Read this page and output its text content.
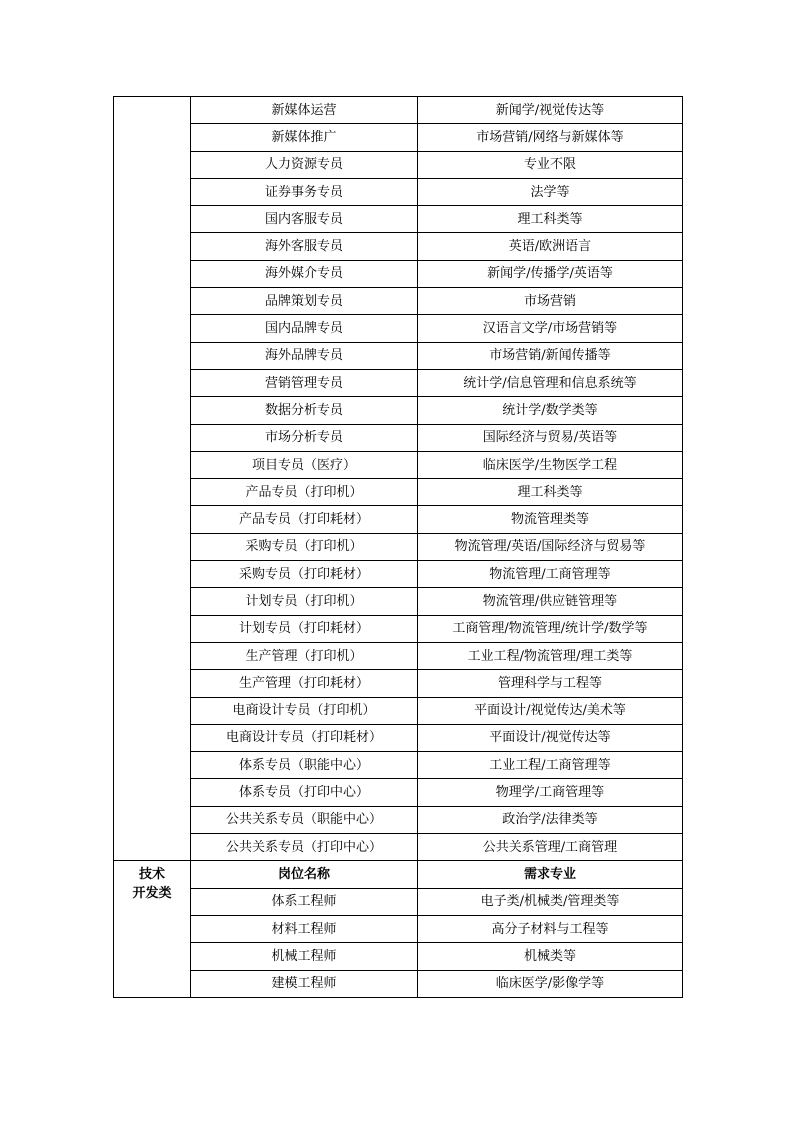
	新媒体运营	新闻学/视觉传达等
	新媒体推广	市场营销/网络与新媒体等
	人力资源专员	专业不限
	证券事务专员	法学等
	国内客服专员	理工科类等
	海外客服专员	英语/欧洲语言
	海外媒介专员	新闻学/传播学/英语等
	品牌策划专员	市场营销
	国内品牌专员	汉语言文学/市场营销等
	海外品牌专员	市场营销/新闻传播等
	营销管理专员	统计学/信息管理和信息系统等
	数据分析专员	统计学/数学类等
	市场分析专员	国际经济与贸易/英语等
	项目专员（医疗）	临床医学/生物医学工程
	产品专员（打印机）	理工科类等
	产品专员（打印耗材）	物流管理类等
	采购专员（打印机）	物流管理/英语/国际经济与贸易等
	采购专员（打印耗材）	物流管理/工商管理等
	计划专员（打印机）	物流管理/供应链管理等
	计划专员（打印耗材）	工商管理/物流管理/统计学/数学等
	生产管理（打印机）	工业工程/物流管理/理工类等
	生产管理（打印耗材）	管理科学与工程等
	电商设计专员（打印机）	平面设计/视觉传达/美术等
	电商设计专员（打印耗材）	平面设计/视觉传达等
	体系专员（职能中心）	工业工程/工商管理等
	体系专员（打印中心）	物理学/工商管理等
	公共关系专员（职能中心）	政治学/法律类等
	公共关系专员（打印中心）	公共关系管理/工商管理

技术
开发类	岗位名称	需求专业
	体系工程师	电子类/机械类/管理类等
	材料工程师	高分子材料与工程等
	机械工程师	机械类等
	建模工程师	临床医学/影像学等
